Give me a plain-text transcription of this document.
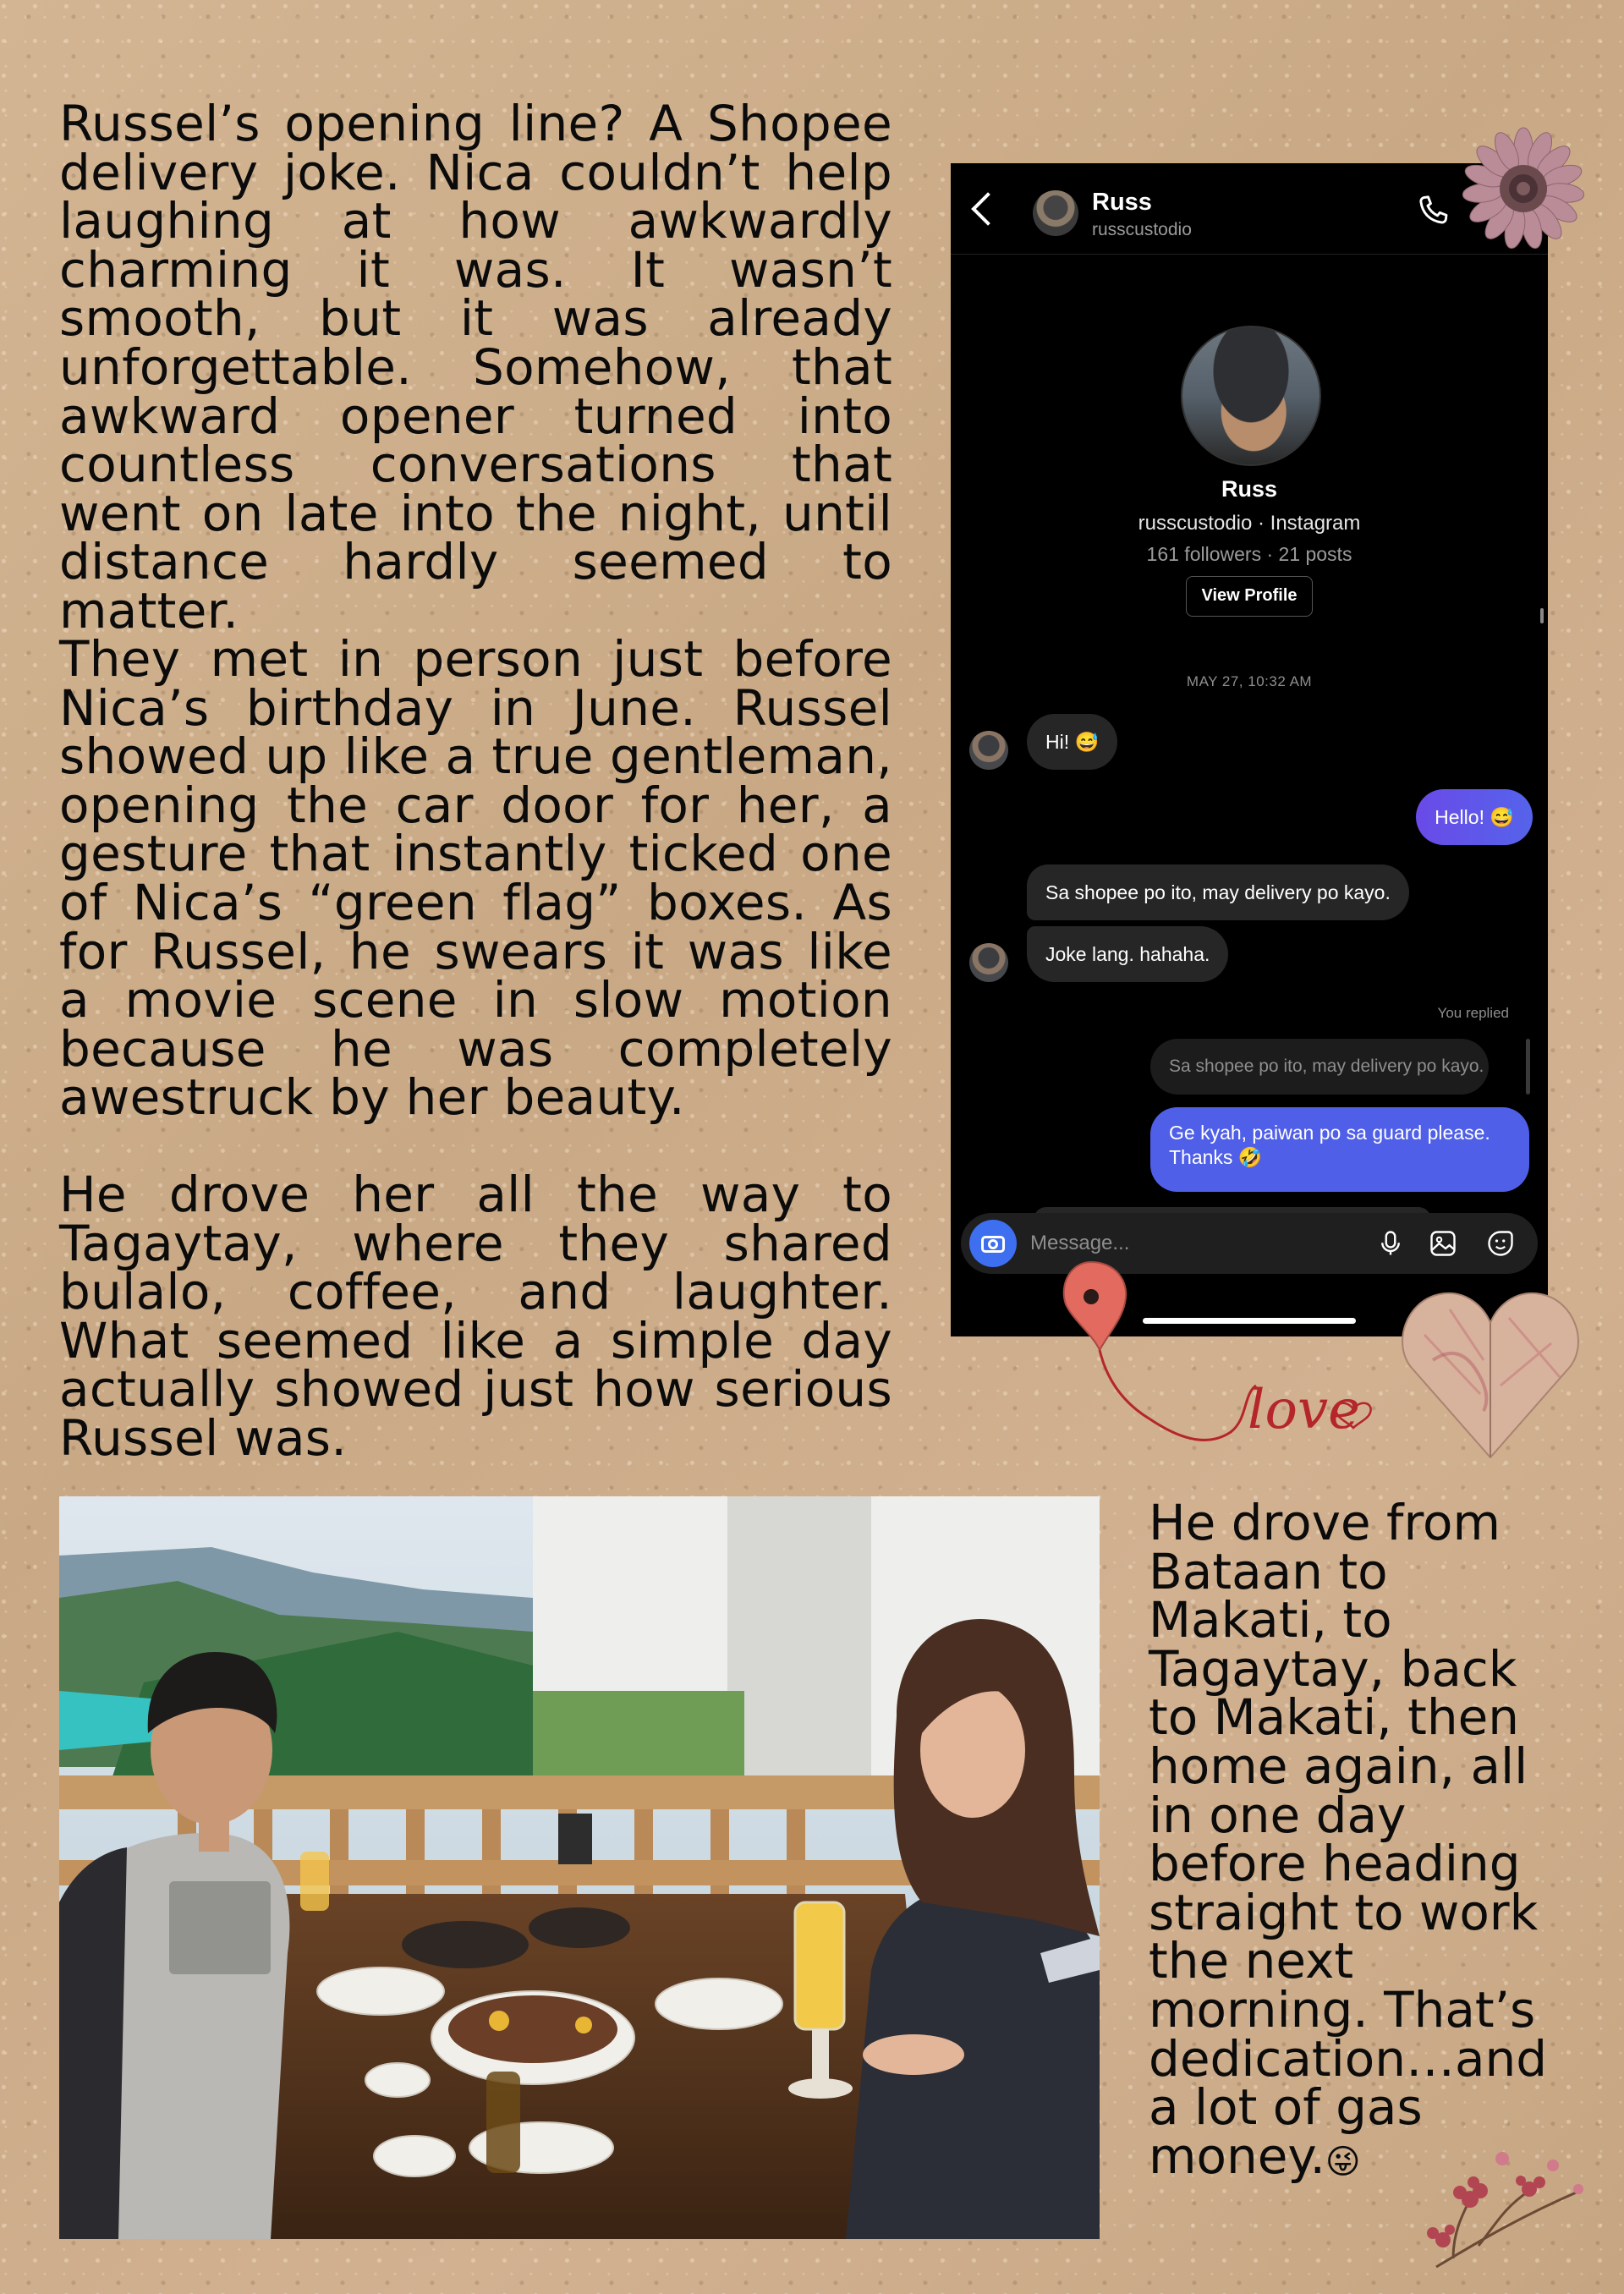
Russel’s opening line? A Shopee delivery joke. Nica couldn’t help laughing at how awkwardly charming it was. It wasn’t smooth, but it was already unforgettable. Somehow, that awkward opener turned into countless conversations that went on late into the night, until distance hardly seemed to matter.
They met in person just before Nica’s birthday in June. Russel showed up like a true gentleman, opening the car door for her, a gesture that instantly ticked one of Nica’s “green flag” boxes. As for Russel, he swears it was like a movie scene in slow motion because he was completely awestruck by her beauty.
He drove her all the way to Tagaytay, where they shared bulalo, coffee, and laughter. What seemed like a simple day actually showed just how serious Russel was.
He drove from Bataan to Makati, to Tagaytay, back to Makati, then home again, all in one day before heading straight to work the next morning. That’s dedication…and a lot of gas money.😜
Russ
russcustodio
Russ
russcustodio · Instagram
161 followers · 21 posts
View Profile
MAY 27, 10:32 AM
Hi! 😅
Hello! 😅
Sa shopee po ito, may delivery po kayo.
Joke lang. hahaha.
You replied
Sa shopee po ito, may delivery po kayo.
Ge kyah, paiwan po sa guard please. Thanks 🤣
Message...
love
